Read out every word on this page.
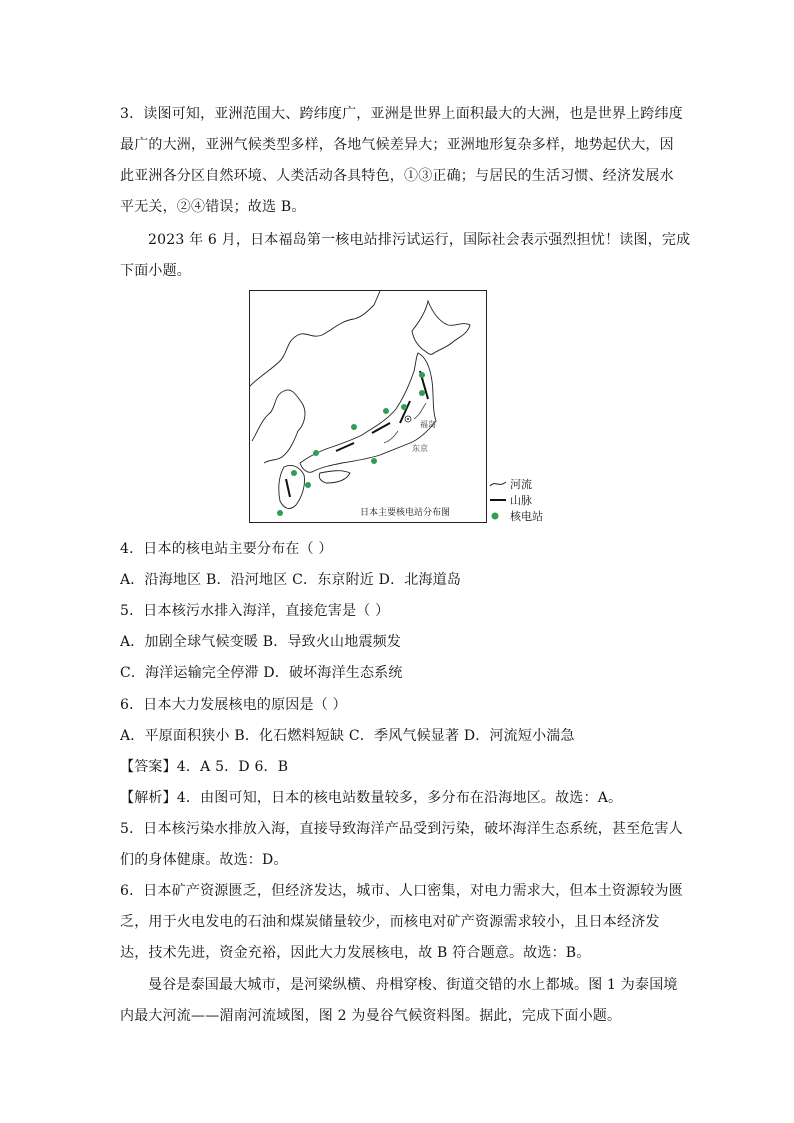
3．读图可知，亚洲范围大、跨纬度广，亚洲是世界上面积最大的大洲，也是世界上跨纬度
最广的大洲，亚洲气候类型多样，各地气候差异大；亚洲地形复杂多样，地势起伏大，因
此亚洲各分区自然环境、人类活动各具特色，①③正确；与居民的生活习惯、经济发展水
平无关，②④错误；故选 B。
2023 年 6 月，日本福岛第一核电站排污试运行，国际社会表示强烈担忧！读图，完成
下面小题。
福岛
东京
日本主要核电站分布图
河流
山脉
核电站
4．日本的核电站主要分布在（ ）
A．沿海地区 B．沿河地区 C．东京附近 D．北海道岛
5．日本核污水排入海洋，直接危害是（ ）
A．加剧全球气候变暖 B．导致火山地震频发
C．海洋运输完全停滞 D．破坏海洋生态系统
6．日本大力发展核电的原因是（ ）
A．平原面积狭小 B．化石燃料短缺 C．季风气候显著 D．河流短小湍急
【答案】4．A 5．D 6．B
【解析】4．由图可知，日本的核电站数量较多，多分布在沿海地区。故选：A。
5．日本核污染水排放入海，直接导致海洋产品受到污染，破坏海洋生态系统，甚至危害人
们的身体健康。故选：D。
6．日本矿产资源匮乏，但经济发达，城市、人口密集，对电力需求大，但本土资源较为匮
乏，用于火电发电的石油和煤炭储量较少，而核电对矿产资源需求较小，且日本经济发
达，技术先进，资金充裕，因此大力发展核电，故 B 符合题意。故选：B。
曼谷是泰国最大城市，是河梁纵横、舟楫穿梭、街道交错的水上都城。图 1 为泰国境
内最大河流——湄南河流域图，图 2 为曼谷气候资料图。据此，完成下面小题。
